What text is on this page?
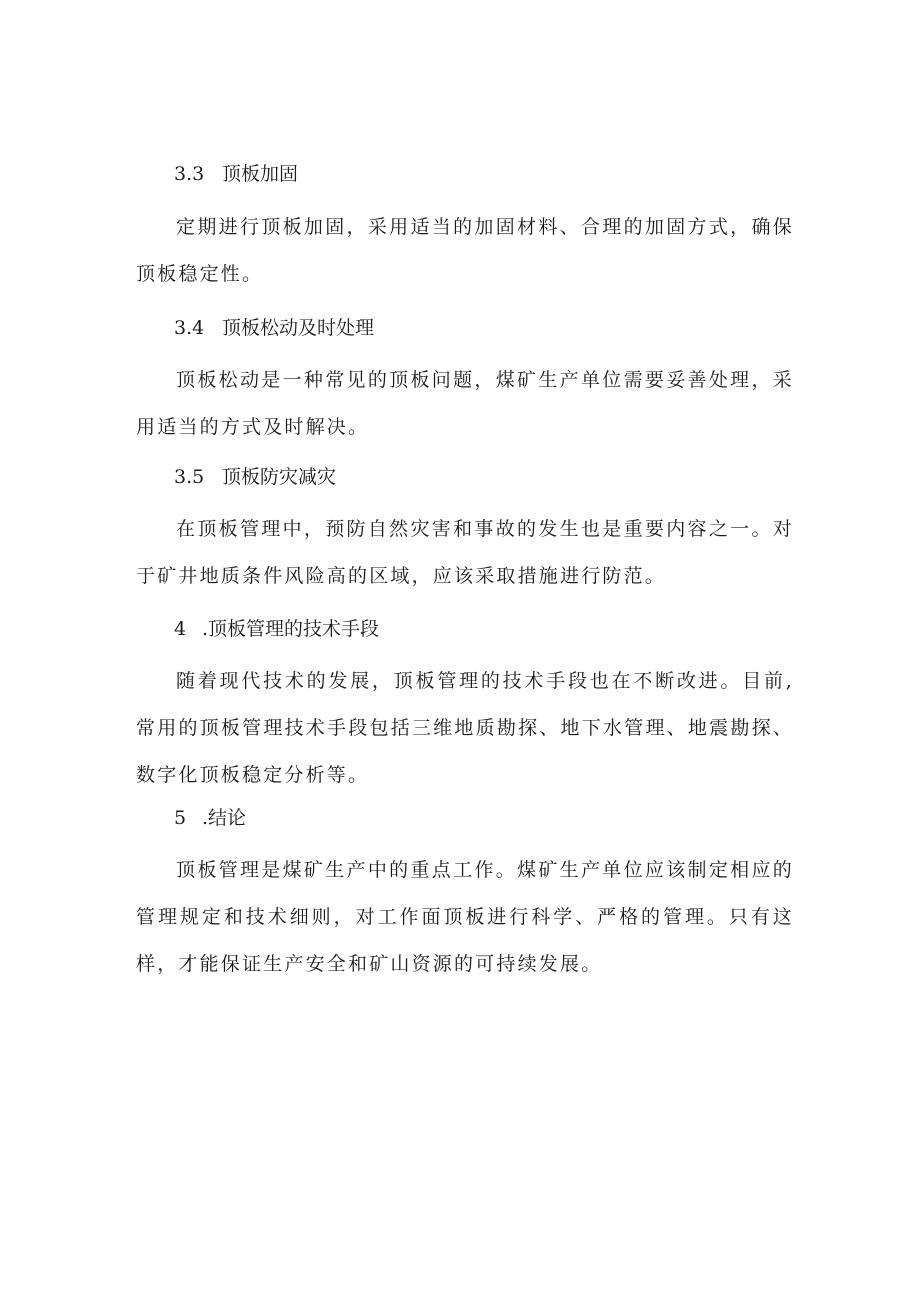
3.3 顶板加固

定期进行顶板加固，采用适当的加固材料、合理的加固方式，确保顶板稳定性。

3.4 顶板松动及时处理

顶板松动是一种常见的顶板问题，煤矿生产单位需要妥善处理，采用适当的方式及时解决。

3.5 顶板防灾减灾

在顶板管理中，预防自然灾害和事故的发生也是重要内容之一。对于矿井地质条件风险高的区域，应该采取措施进行防范。

4 .顶板管理的技术手段

随着现代技术的发展，顶板管理的技术手段也在不断改进。目前,常用的顶板管理技术手段包括三维地质勘探、地下水管理、地震勘探、数字化顶板稳定分析等。

5 .结论

顶板管理是煤矿生产中的重点工作。煤矿生产单位应该制定相应的管理规定和技术细则，对工作面顶板进行科学、严格的管理。只有这样，才能保证生产安全和矿山资源的可持续发展。
